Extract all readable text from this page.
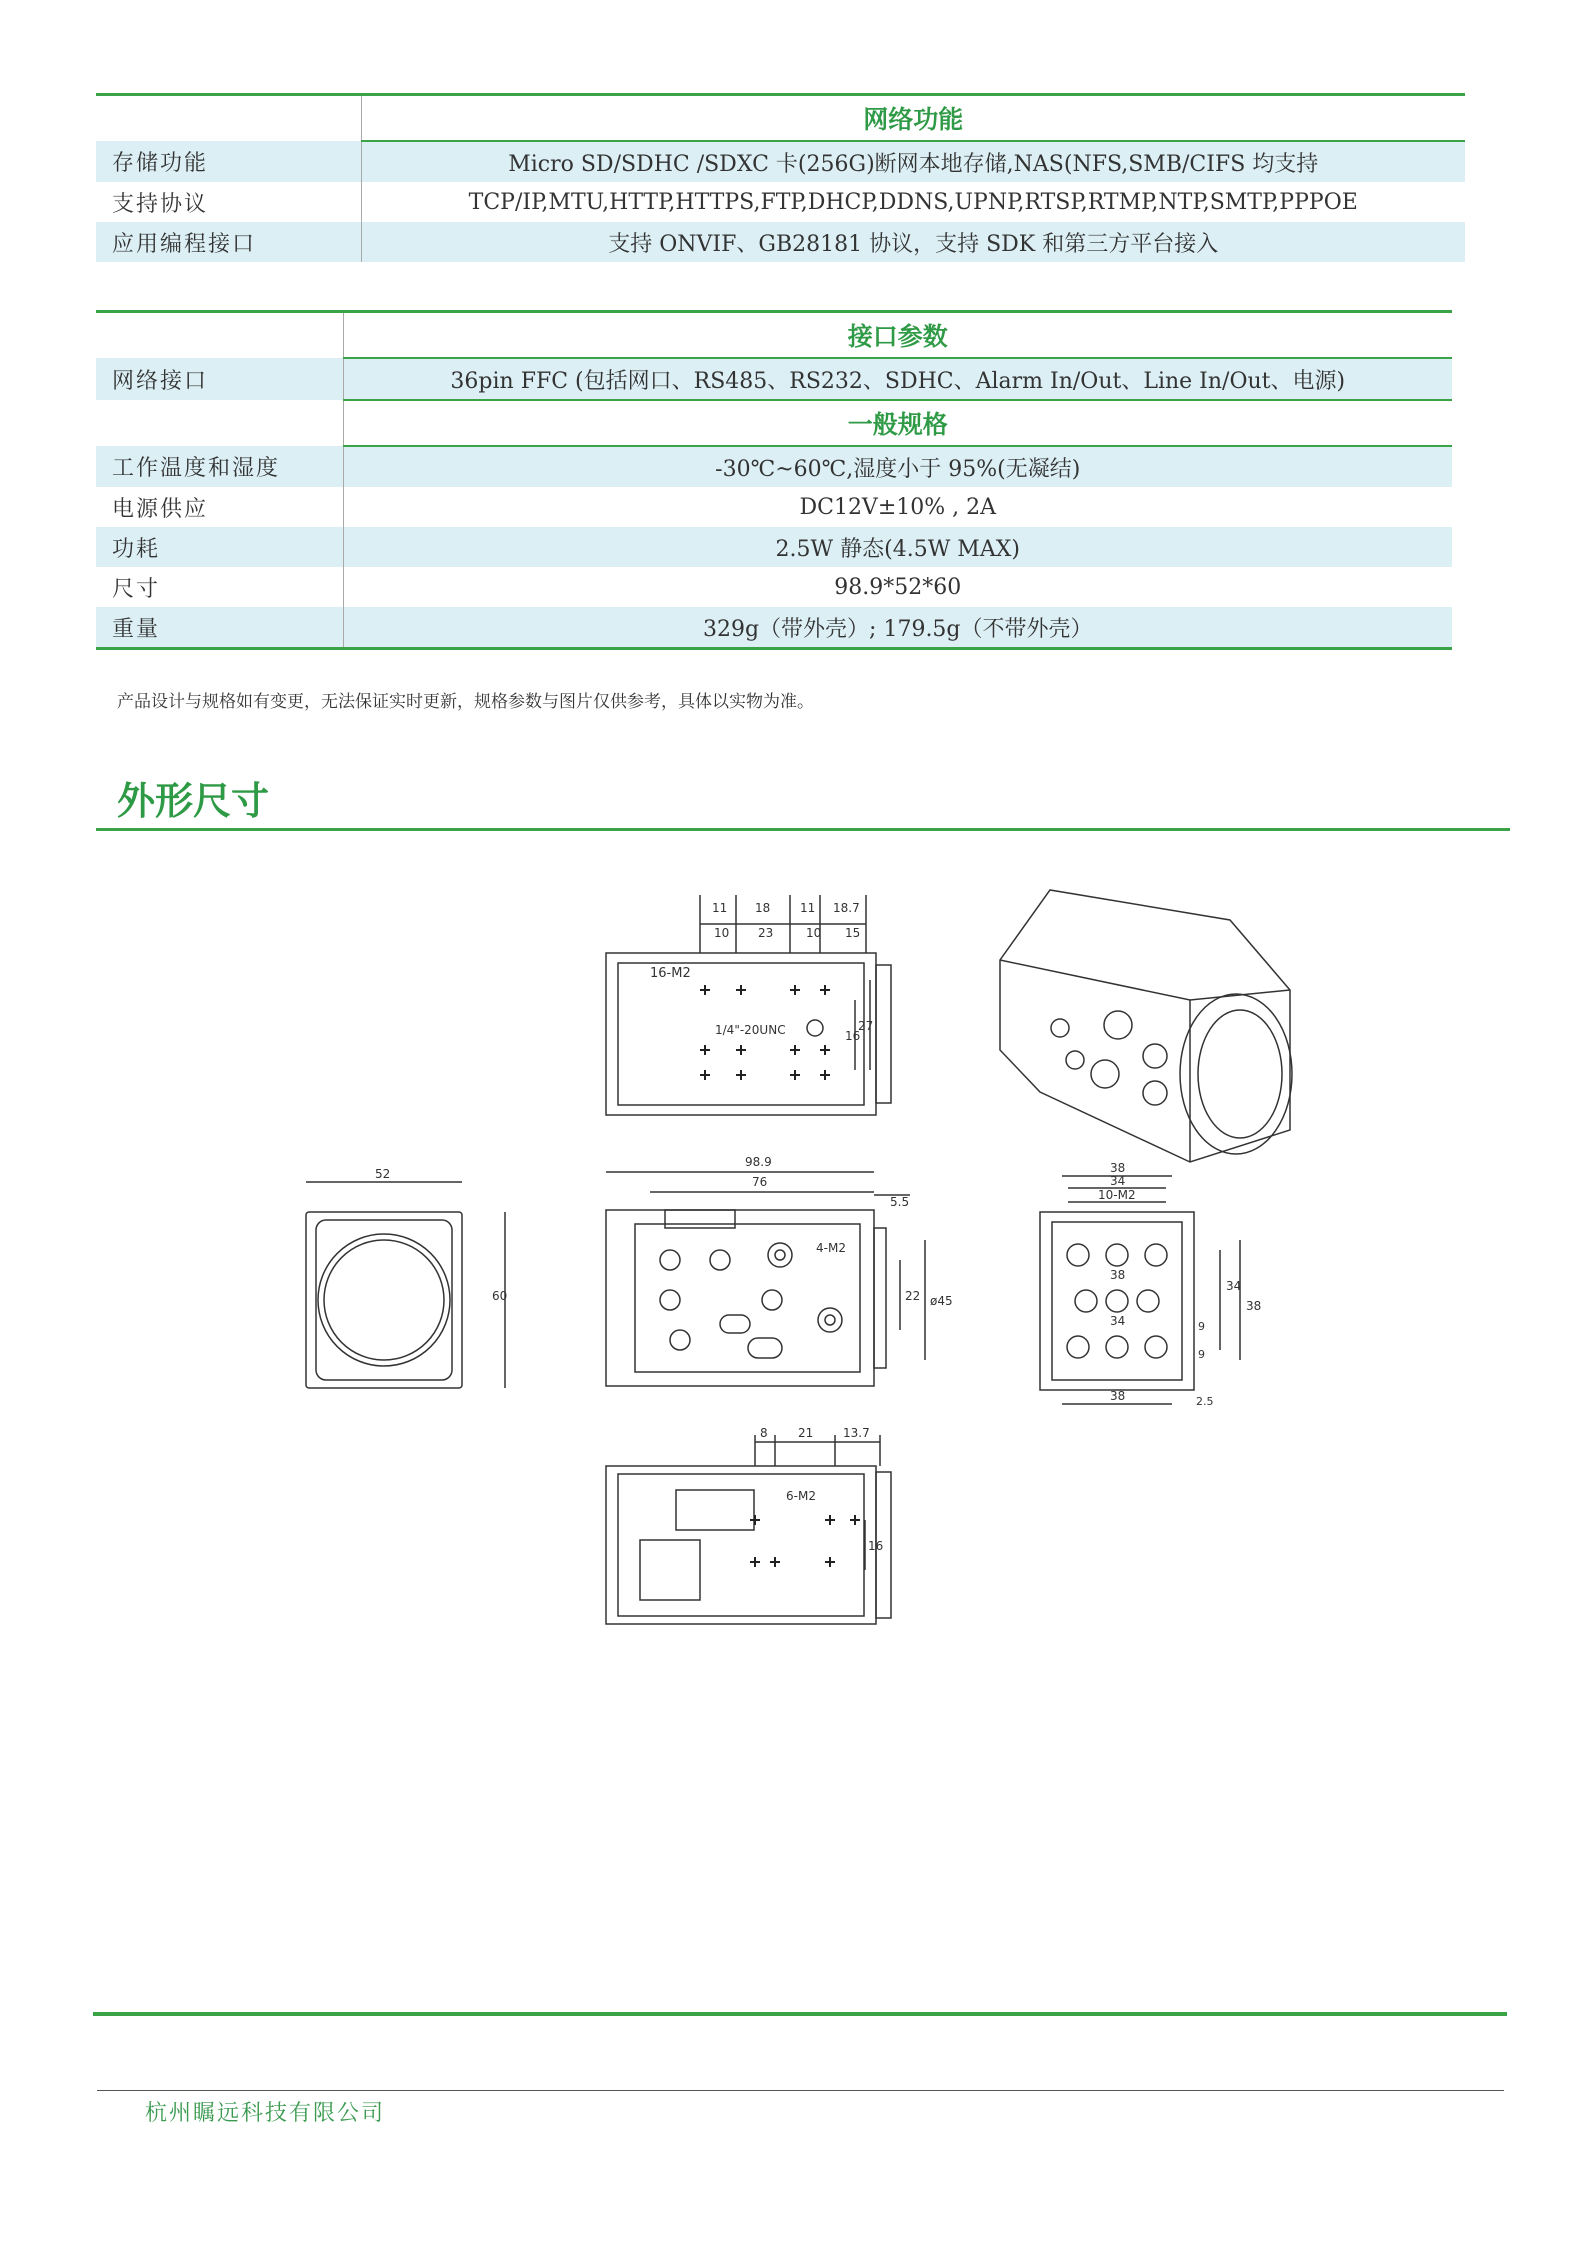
	网络功能
存储功能	Micro SD/SDHC /SDXC 卡(256G)断网本地存储,NAS(NFS,SMB/CIFS 均支持
支持协议	TCP/IP,MTU,HTTP,HTTPS,FTP,DHCP,DDNS,UPNP,RTSP,RTMP,NTP,SMTP,PPPOE
应用编程接口	支持 ONVIF、GB28181 协议，支持 SDK 和第三方平台接入
	接口参数
网络接口	36pin FFC (包括网口、RS485、RS232、SDHC、Alarm In/Out、Line In/Out、电源)
	一般规格
工作温度和湿度	-30℃~60℃,湿度小于 95%(无凝结)
电源供应	DC12V±10% , 2A
功耗	2.5W 静态(4.5W MAX)
尺寸	98.9*52*60
重量	329g（带外壳）; 179.5g（不带外壳）
产品设计与规格如有变更，无法保证实时更新，规格参数与图片仅供参考，具体以实物为准。
外形尺寸
16-M2
1/4"-20UNC
11 18 11 18.7
10 23	10 15
16
27
52
60
98.9
76
5.5
4-M2
22 ø45
38
34
10-M2
38
34
38
34
38
9
9
2.5
8	21 13.7
6-M2
16
杭州瞩远科技有限公司
